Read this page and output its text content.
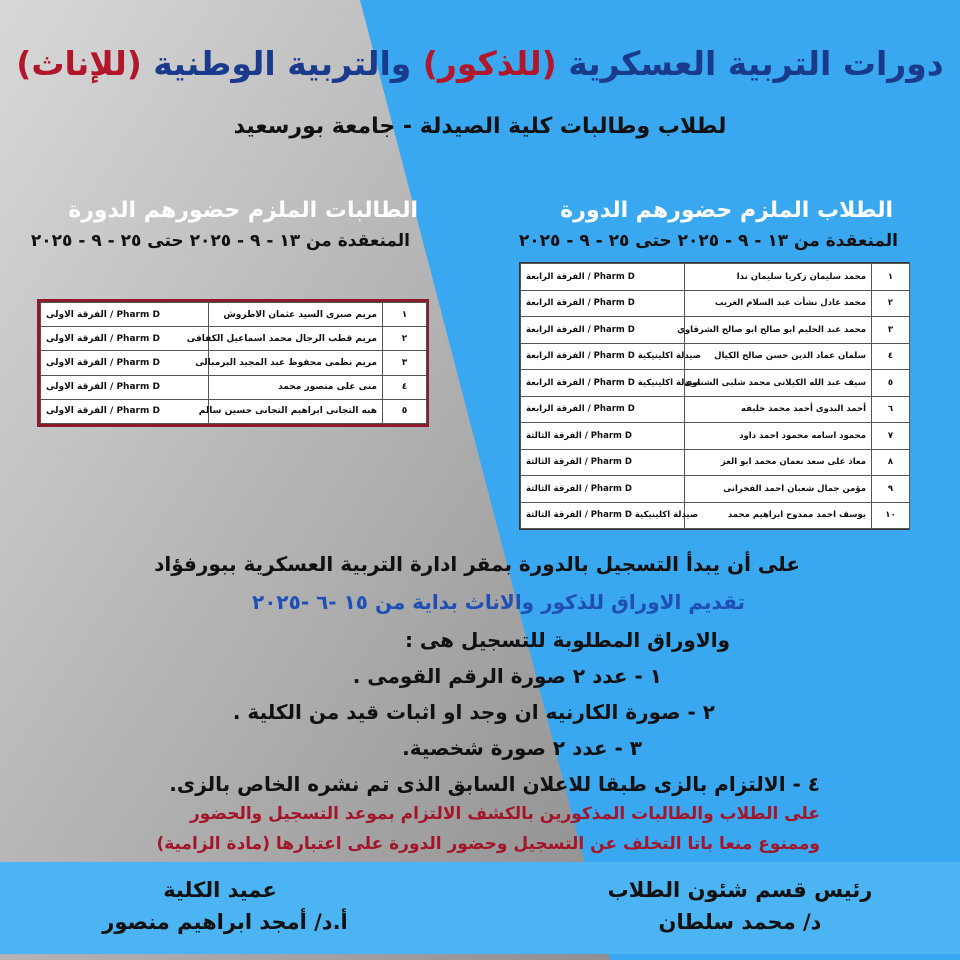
دورات التربية العسكرية (للذكور) والتربية الوطنية (للإناث)
لطلاب وطالبات كلية الصيدلة - جامعة بورسعيد
الطلاب الملزم حضورهم الدورة
المنعقدة من ١٣ - ٩ - ٢٠٢٥ حتى ٢٥ - ٩ - ٢٠٢٥
١	محمد سليمان زكريا سليمان ندا	الفرقة الرابعة / Pharm D
٢	محمد عادل نشأت عبد السلام الغريب	الفرقة الرابعة / Pharm D
٣	محمد عبد الحليم ابو صالح ابو صالح الشرقاوي	الفرقة الرابعة / Pharm D
٤	سلمان عماد الدين حسن صالح الكيال	الفرقة الرابعة / Pharm D صيدلة اكلينيكية
٥	سيف عبد الله الكيلانى محمد شلبى الشناوى	الفرقة الرابعة / Pharm D صيدلة اكلينيكية
٦	أحمد البدوى أحمد محمد خليفه	الفرقة الرابعة / Pharm D
٧	محمود اسامه محمود احمد داود	الفرقة الثالثة / Pharm D
٨	معاذ على سعد نعمان محمد ابو العز	الفرقة الثالثة / Pharm D
٩	مؤمن جمال شعبان احمد الفخرانى	الفرقة الثالثة / Pharm D
١٠	يوسف احمد ممدوح ابراهيم محمد	الفرقة الثالثة / Pharm D صيدلة اكلينيكية
الطالبات الملزم حضورهم الدورة
المنعقدة من ١٣ - ٩ - ٢٠٢٥ حتى ٢٥ - ٩ - ٢٠٢٥
١	مريم صبرى السيد عثمان الاطروش	الفرقة الاولى / Pharm D
٢	مريم قطب الرجال محمد اسماعيل الكفافى	الفرقة الاولى / Pharm D
٣	مريم نظمى محفوظ عبد المجيد البرمبالى	الفرقة الاولى / Pharm D
٤	منى على منصور محمد	الفرقة الاولى / Pharm D
٥	هبه التجانى ابراهيم التجانى حسين سالم	الفرقة الاولى / Pharm D
على أن يبدأ التسجيل بالدورة بمقر ادارة التربية العسكرية ببورفؤاد
تقديم الاوراق للذكور والاناث بداية من ١٥ -٦ -٢٠٢٥
والاوراق المطلوبة للتسجيل هى :
١ - عدد ٢ صورة الرقم القومى .
٢ - صورة الكارنيه ان وجد او اثبات قيد من الكلية .
٣ - عدد ٢ صورة شخصية.
٤ - الالتزام بالزى طبقا للاعلان السابق الذى تم نشره الخاص بالزى.
على الطلاب والطالبات المذكورين بالكشف الالتزام بموعد التسجيل والحضور
وممنوع منعا باتا التخلف عن التسجيل وحضور الدورة على اعتبارها (مادة الزامية)
رئيس قسم شئون الطلاب
د/ محمد سلطان
عميد الكلية
أ.د/ أمجد ابراهيم منصور
